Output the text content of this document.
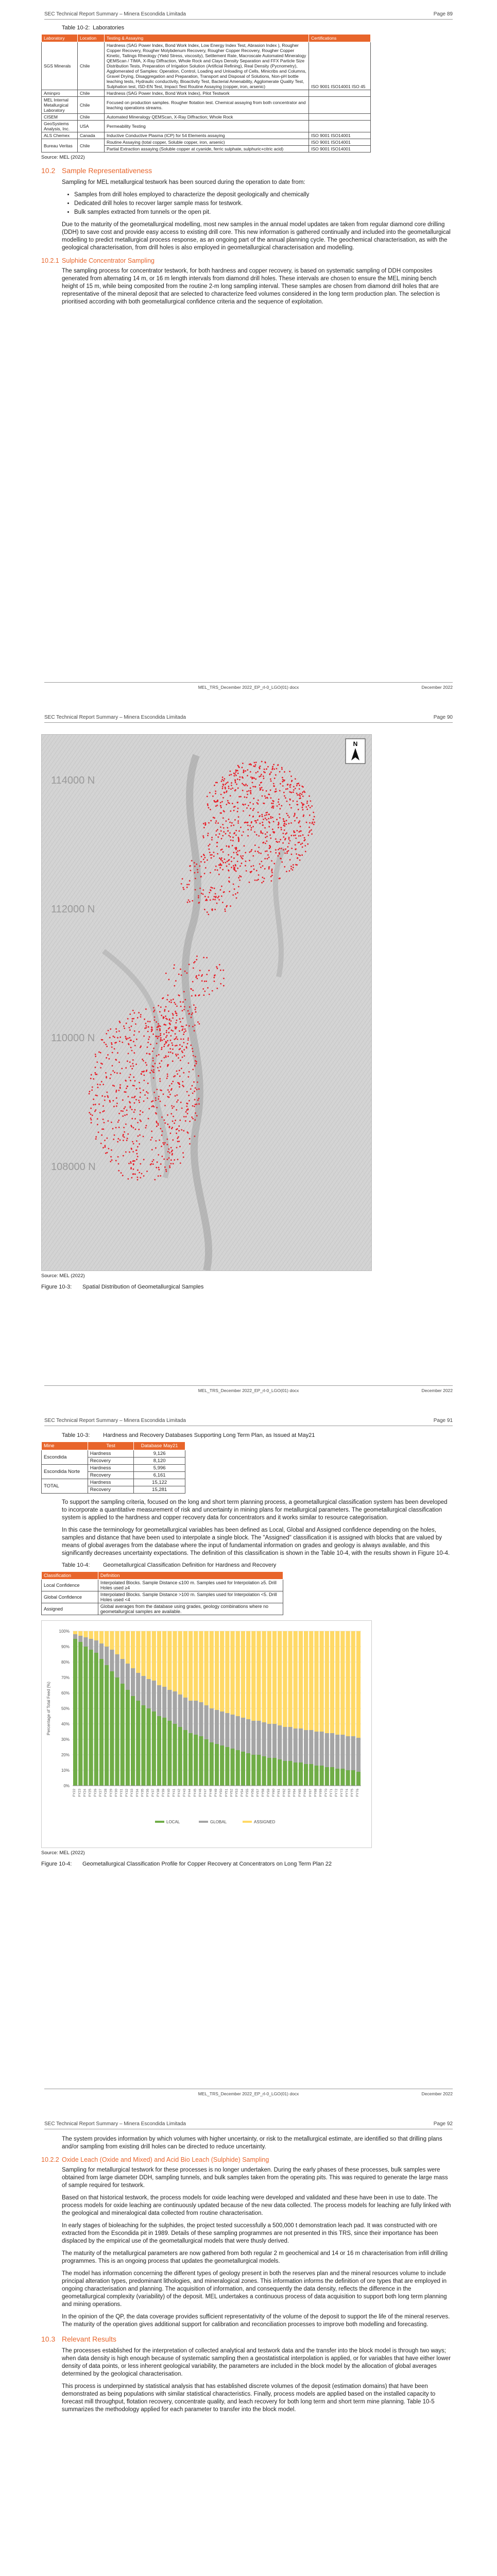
SEC Technical Report Summary – Minera Escondida Limitada	Page 89
Table 10-2: Laboratories
Laboratory	Location	Testing & Assaying	Certifications
SGS Minerals	Chile	Hardness (SAG Power Index, Bond Work Index, Low Energy Index Test, Abrasion Index ), Rougher Copper Recovery, Rougher Molybdenum Recovery, Rougher Copper Recovery, Rougher Copper Kinetic, Tailings Rheology (Yield Stress, viscosity), Settlement Rate, Macroscale Automated Mineralogy QEMScan / TIMA, X-Ray Diffraction, Whole Rock and Clays Density Separation and FFX Particle Size Distribution Tests, Preparation of Irrigation Solution (Artificial Refining), Real Density (Pycnometry), Agglomerated of Samples: Operation, Control, Loading and Unloading of Cells, Minicribs and Columns, Gravel Drying, Disaggregation and Preparation, Transport and Disposal of Solutions, Non-pH bottle leaching tests, Hydraulic conductivity, Bioactivity Test, Bacterial Amenability, Agglomerate Quality Test, Sulphation test, ISD-EN Test, Impact Test Routine Assaying (copper, iron, arsenic)	ISO 9001 ISO14001 ISO 45
Aminpro	Chile	Hardness (SAG Power Index, Bond Work Index), Pilot Testwork	
MEL Internal Metallurgical Laboratory	Chile	Focused on production samples. Rougher flotation test. Chemical assaying from both concentrator and leaching operations streams.	
CISEM	Chile	Automated Mineralogy QEMScan, X-Ray Diffraction; Whole Rock	
GeoSystems Analysis, Inc.	USA	Permeability Testing	
ALS Chemex	Canada	Inductive Conductive Plasma (ICP) for 54 Elements assaying	ISO 9001 ISO14001
Bureau Veritas	Chile	Routine Assaying (total copper, Soluble copper, iron, arsenic)	ISO 9001 ISO14001
		Partial Extraction assaying (Soluble copper at cyanide, ferric sulphate, sulphuric+citric acid)	ISO 9001 ISO14001
Source: MEL (2022)
10.2 Sample Representativeness

Sampling for MEL metallurgical testwork has been sourced during the operation to date from:

• Samples from drill holes employed to characterize the deposit geologically and chemically
• Dedicated drill holes to recover larger sample mass for testwork.
• Bulk samples extracted from tunnels or the open pit.

Due to the maturity of the geometallurgical modelling, most new samples in the annual model updates are taken from regular diamond core drilling (DDH) to save cost and provide easy access to existing drill core. This new information is gathered continually and included into the geometallurgical modelling to predict metallurgical process response, as an ongoing part of the annual planning cycle. The geochemical characterisation, as with the geological characterisation, from drill holes is also employed in geometallurgical characterisation and modelling.

10.2.1 Sulphide Concentrator Sampling

The sampling process for concentrator testwork, for both hardness and copper recovery, is based on systematic sampling of DDH composites generated from alternating 14 m, or 16 m length intervals from diamond drill holes. These intervals are chosen to ensure the MEL mining bench height of 15 m, while being composited from the routine 2-m long sampling interval. These samples are chosen from diamond drill holes that are representative of the mineral deposit that are selected to characterize feed volumes considered in the long term production plan. The selection is prioritised according with both geometallurgical confidence criteria and the sequence of exploitation.

MEL_TRS_December 2022_EP_rl-0_LGO(01) docx	December 2022
SEC Technical Report Summary – Minera Escondida Limitada	Page 90
N
114000 N
112000 N
110000 N
108000 N
Source: MEL (2022)
Figure 10-3: Spatial Distribution of Geometallurgical Samples
MEL_TRS_December 2022_EP_rl-0_LGO(01) docx	December 2022
SEC Technical Report Summary – Minera Escondida Limitada	Page 91
Table 10-3: Hardness and Recovery Databases Supporting Long Term Plan, as Issued at May21
Mine	Test	Database May21
Escondida	Hardness	9,126
	Recovery	8,120
Escondida Norte	Hardness	5,996
	Recovery	6,161
TOTAL	Hardness	15,122
	Recovery	15,281

To support the sampling criteria, focused on the long and short term planning process, a geometallurgical classification system has been developed to incorporate a quantitative measurement of risk and uncertainty in mining plans for metallurgical parameters. The geometallurgical classification system is applied to the hardness and copper recovery data for concentrators and it works similar to resource categorisation.

In this case the terminology for geometallurgical variables has been defined as Local, Global and Assigned confidence depending on the holes, samples and distance that have been used to interpolate a single block. The "Assigned" classification it is assigned with blocks that are valued by means of global averages from the database where the input of fundamental information on grades and geology is always available, and this significantly decreases uncertainty expectations. The definition of this classification is shown in the Table 10-4, with the results shown in Figure 10-4.

Table 10-4: Geometallurgical Classification Definition for Hardness and Recovery
Classification	Definition
Local Confidence	Interpolated Blocks. Sample Distance ≤100 m. Samples used for Interpolation ≥5. Drill Holes used ≥4
Global Confidence	Interpolated Blocks. Sample Distance >100 m. Samples used for Interpolation <5. Drill Holes used <4
Assigned	Global averages from the database using grades, geology combinations where no geometallurgical samples are available.
0%
10%
20%
30%
40%
50%
60%
70%
80%
90%
100%
Percentage of Total Feed (%)
FY22 FY23 FY24 FY25 FY26 FY27 FY28 FY29 FY30 FY31 FY32 FY33 FY34 FY35 FY36 FY37 FY38 FY39 FY40 FY41 FY42 FY43 FY44 FY45 FY46 FY47 FY48 FY49 FY50 FY51 FY52 FY53 FY54 FY55 FY56 FY57 FY58 FY59 FY60 FY61 FY62 FY63 FY64 FY65 FY66 FY67 FY68 FY69 FY70 FY71 FY72 FY73 FY74 FY75 FY76
LOCAL	GLOBAL	ASSIGNED
Source: MEL (2022)
Figure 10-4: Geometallurgical Classification Profile for Copper Recovery at Concentrators on Long Term Plan 22
MEL_TRS_December 2022_EP_rl-0_LGO(01) docx	December 2022
SEC Technical Report Summary – Minera Escondida Limitada	Page 92

The system provides information by which volumes with higher uncertainty, or risk to the metallurgical estimate, are identified so that drilling plans and/or sampling from existing drill holes can be directed to reduce uncertainty.

10.2.2 Oxide Leach (Oxide and Mixed) and Acid Bio Leach (Sulphide) Sampling

Sampling for metallurgical testwork for these processes is no longer undertaken. During the early phases of these processes, bulk samples were obtained from large diameter DDH, sampling tunnels, and bulk samples taken from the operating pits. This was required to generate the large mass of sample required for testwork.

Based on that historical testwork, the process models for oxide leaching were developed and validated and these have been in use to date. The process models for oxide leaching are continuously updated because of the new data collected. The process models for leaching are fully linked with the geological and mineralogical data collected from routine characterisation.

In early stages of bioleaching for the sulphides, the project tested successfully a 500,000 t demonstration leach pad. It was constructed with ore extracted from the Escondida pit in 1989. Details of these sampling programmes are not presented in this TRS, since their importance has been displaced by the empirical use of the geometallurgical models that were thusly derived.

The maturity of the metallurgical parameters are now gathered from both regular 2 m geochemical and 14 or 16 m characterisation from infill drilling programmes. This is an ongoing process that updates the geometallurgical models.

The model has information concerning the different types of geology present in both the reserves plan and the mineral resources volume to include principal alteration types, predominant lithologies, and mineralogical zones. This information informs the definition of ore types that are employed in ongoing characterisation and planning. The acquisition of information, and consequently the data density, reflects the difference in the geometallurgical complexity (variability) of the deposit. MEL undertakes a continuous process of data acquisition to support both long term planning and mining operations.

In the opinion of the QP, the data coverage provides sufficient representativity of the volume of the deposit to support the life of the mineral reserves. The maturity of the operation gives additional support for calibration and reconciliation processes to improve both modelling and forecasting.

10.3 Relevant Results

The processes established for the interpretation of collected analytical and testwork data and the transfer into the block model is through two ways; when data density is high enough because of systematic sampling then a geostatistical interpolation is applied, or for variables that have either lower density of data points, or less inherent geological variability, the parameters are included in the block model by the allocation of global averages determined by the geological characterisation.

This process is underpinned by statistical analysis that has established discrete volumes of the deposit (estimation domains) that have been demonstrated as being populations with similar statistical characteristics. Finally, process models are applied based on the installed capacity to forecast mill throughput, flotation recovery, concentrate quality, and leach recovery for both long term and short term mine planning. Table 10-5 summarizes the methodology applied for each parameter to transfer into the block model.
